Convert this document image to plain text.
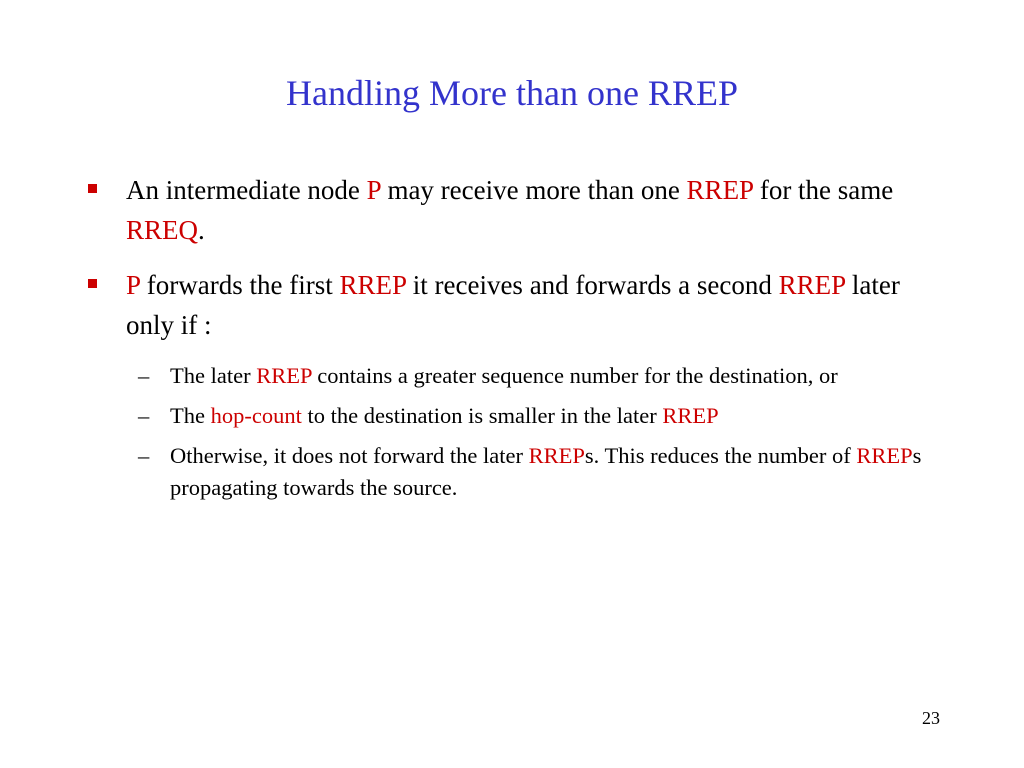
Handling More than one RREP
An intermediate node P may receive more than one RREP for the same RREQ.
P forwards the first RREP it receives and forwards a second RREP later only if :
– The later RREP contains a greater sequence number for the destination, or
– The hop-count to the destination is smaller in the later RREP
– Otherwise, it does not forward the later RREPs. This reduces the number of RREPs propagating towards the source.
23
